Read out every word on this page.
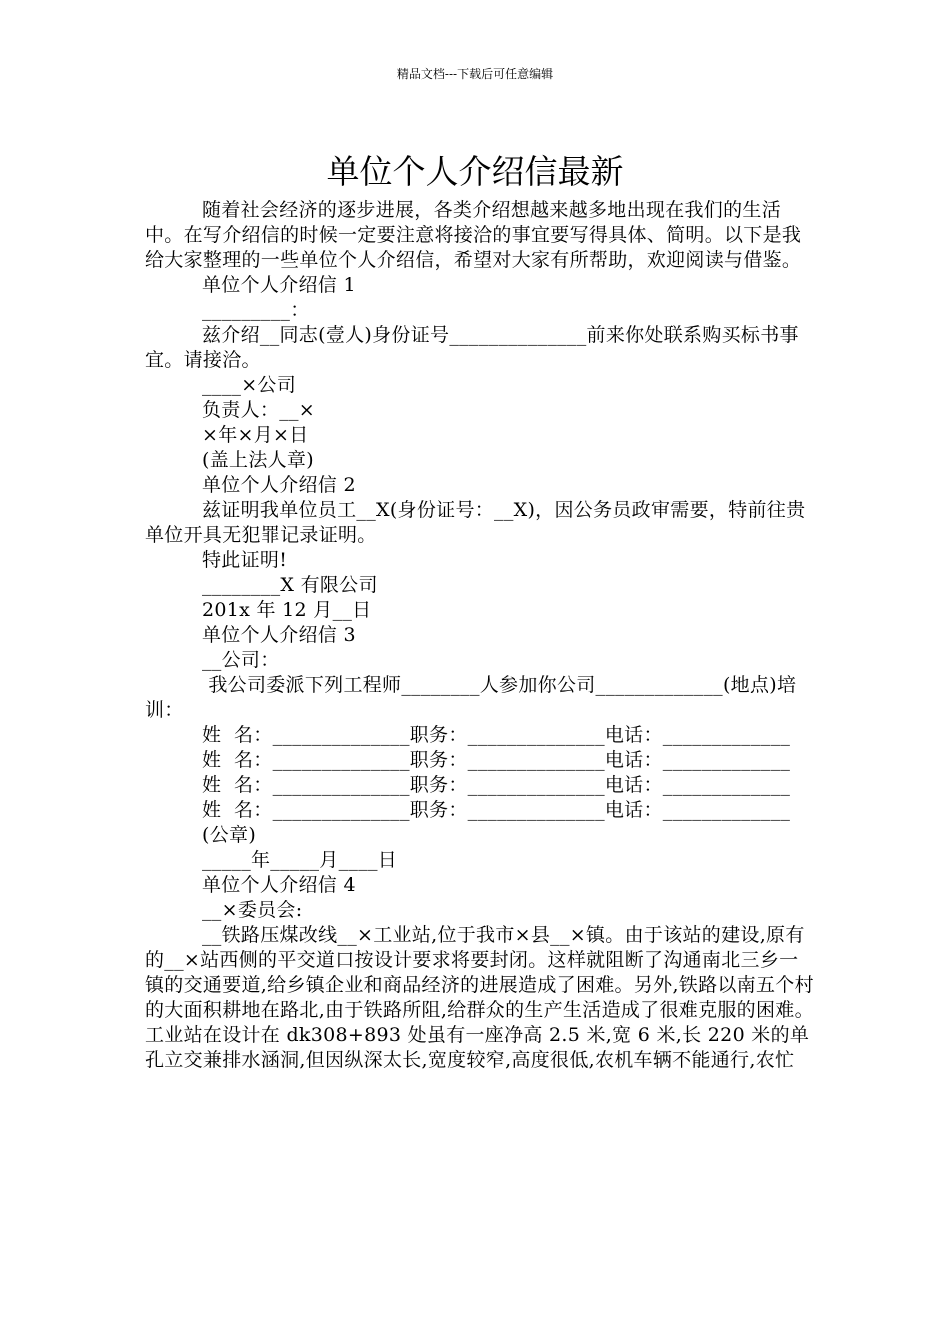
精品文档---下载后可任意编辑
单位个人介绍信最新

随着社会经济的逐步进展，各类介绍想越来越多地出现在我们的生活中。在写介绍信的时候一定要注意将接洽的事宜要写得具体、简明。以下是我给大家整理的一些单位个人介绍信，希望对大家有所帮助，欢迎阅读与借鉴。

单位个人介绍信 1

_________：

兹介绍__同志(壹人)身份证号______________前来你处联系购买标书事宜。请接洽。

____×公司

负责人：__×

×年×月×日

(盖上法人章)

单位个人介绍信 2

兹证明我单位员工__X(身份证号：__X)，因公务员政审需要，特前往贵单位开具无犯罪记录证明。

特此证明!

________X 有限公司

201x 年 12 月__日

单位个人介绍信 3

__公司：

我公司委派下列工程师________人参加你公司_____________(地点)培训：

姓  名：______________职务：______________电话：_____________

姓  名：______________职务：______________电话：_____________

姓  名：______________职务：______________电话：_____________

姓  名：______________职务：______________电话：_____________

(公章)

_____年_____月____日

单位个人介绍信 4

__×委员会:

__铁路压煤改线__×工业站,位于我市×县__×镇。由于该站的建设,原有的__×站西侧的平交道口按设计要求将要封闭。这样就阻断了沟通南北三乡一镇的交通要道,给乡镇企业和商品经济的进展造成了困难。另外,铁路以南五个村的大面积耕地在路北,由于铁路所阻,给群众的生产生活造成了很难克服的困难。工业站在设计在 dk308+893 处虽有一座净高 2.5 米,宽 6 米,长 220 米的单孔立交兼排水涵洞,但因纵深太长,宽度较窄,高度很低,农机车辆不能通行,农忙
